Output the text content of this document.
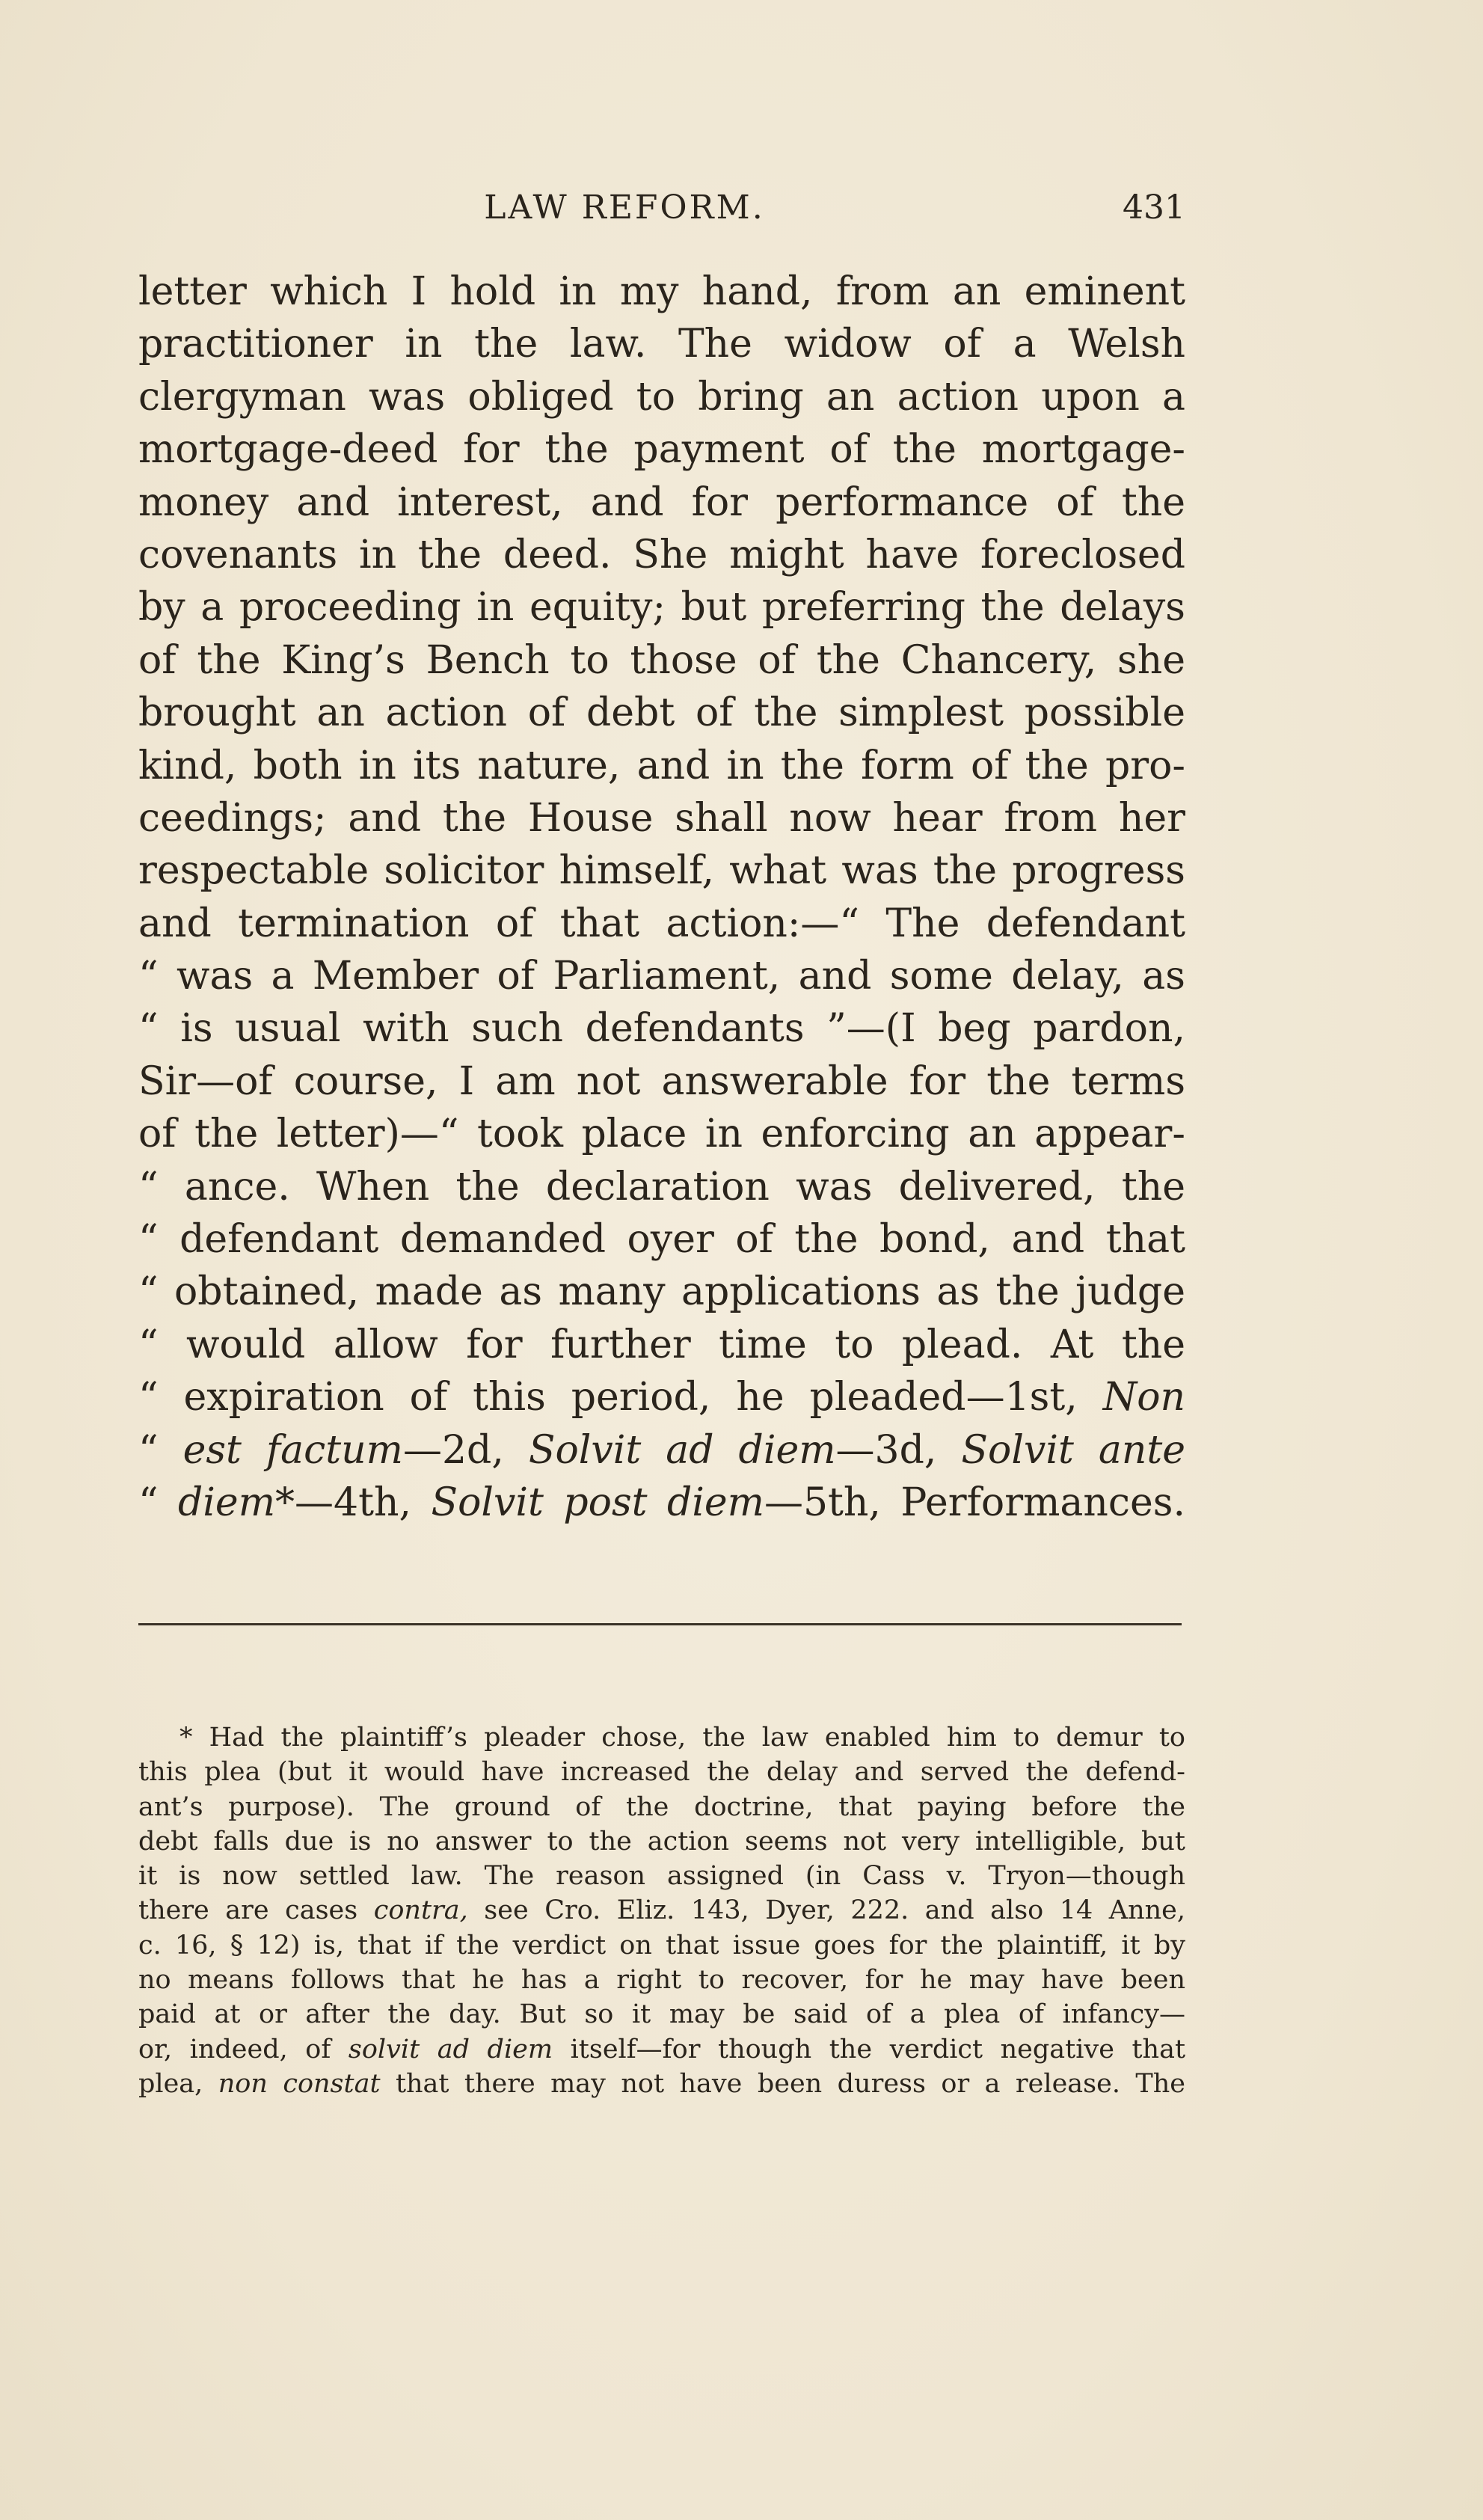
LAW REFORM.	431
letter which I hold in my hand, from an eminent
practitioner in the law. The widow of a Welsh
clergyman was obliged to bring an action upon a
mortgage-deed for the payment of the mortgage-
money and interest, and for performance of the
covenants in the deed. She might have foreclosed
by a proceeding in equity; but preferring the delays
of the King’s Bench to those of the Chancery, she
brought an action of debt of the simplest possible
kind, both in its nature, and in the form of the pro-
ceedings; and the House shall now hear from her
respectable solicitor himself, what was the progress
and termination of that action:—“ The defendant
“ was a Member of Parliament, and some delay, as
“ is usual with such defendants ”—(I beg pardon,
Sir—of course, I am not answerable for the terms
of the letter)—“ took place in enforcing an appear-
“ ance. When the declaration was delivered, the
“ defendant demanded oyer of the bond, and that
“ obtained, made as many applications as the judge
“ would allow for further time to plead. At the
“ expiration of this period, he pleaded—1st, Non
“ est factum—2d, Solvit ad diem—3d, Solvit ante
“ diem*—4th, Solvit post diem—5th, Performances.
* Had the plaintiff’s pleader chose, the law enabled him to demur to
this plea (but it would have increased the delay and served the defend-
ant’s purpose). The ground of the doctrine, that paying before the
debt falls due is no answer to the action seems not very intelligible, but
it is now settled law. The reason assigned (in Cass v. Tryon—though
there are cases contra, see Cro. Eliz. 143, Dyer, 222. and also 14 Anne,
c. 16, § 12) is, that if the verdict on that issue goes for the plaintiff, it by
no means follows that he has a right to recover, for he may have been
paid at or after the day. But so it may be said of a plea of infancy—
or, indeed, of solvit ad diem itself—for though the verdict negative that
plea, non constat that there may not have been duress or a release. The
